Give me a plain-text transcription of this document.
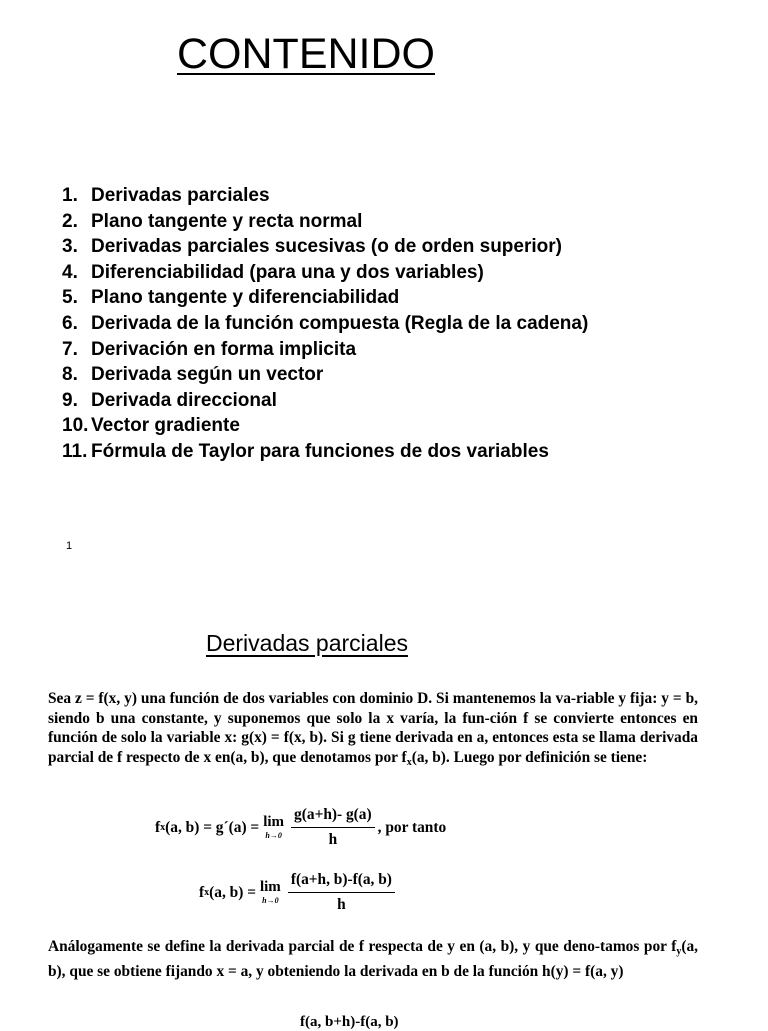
CONTENIDO
1. Derivadas parciales
2. Plano tangente y recta normal
3. Derivadas parciales sucesivas (o de orden superior)
4. Diferenciabilidad (para una y dos variables)
5. Plano tangente y diferenciabilidad
6. Derivada de la función compuesta (Regla de la cadena)
7. Derivación en forma implicita
8. Derivada según un vector
9. Derivada direccional
10. Vector gradiente
11. Fórmula de Taylor para funciones de dos variables
1
Derivadas parciales
Sea z = f(x, y) una función de dos variables con dominio D. Si mantenemos la va-riable y fija: y = b, siendo b una constante, y suponemos que solo la x varía, la fun-ción f se convierte entonces en función de solo la variable x: g(x) = f(x, b). Si g tiene derivada en a, entonces esta se llama derivada parcial de f respecto de x en(a, b), que denotamos por $f_x(a$, b). Luego por definición se tiene:
f x (a, b) = g´(a) = lim
$h\to 0 \frac{g(a+h)- g(a)}{h}$ , por tanto
f x (a, b) = lim
$h\to 0 \frac{f(a+h, b)-f(a, b)}{h}$
Análogamente se define la derivada parcial de f respecta de y en (a, b), y que deno-tamos por $f_y(a$, b), que se obtiene fijando x = a, y obteniendo la derivada en b de la función h(y) = f(a, y)
f(a, b+h)-f(a, b)
